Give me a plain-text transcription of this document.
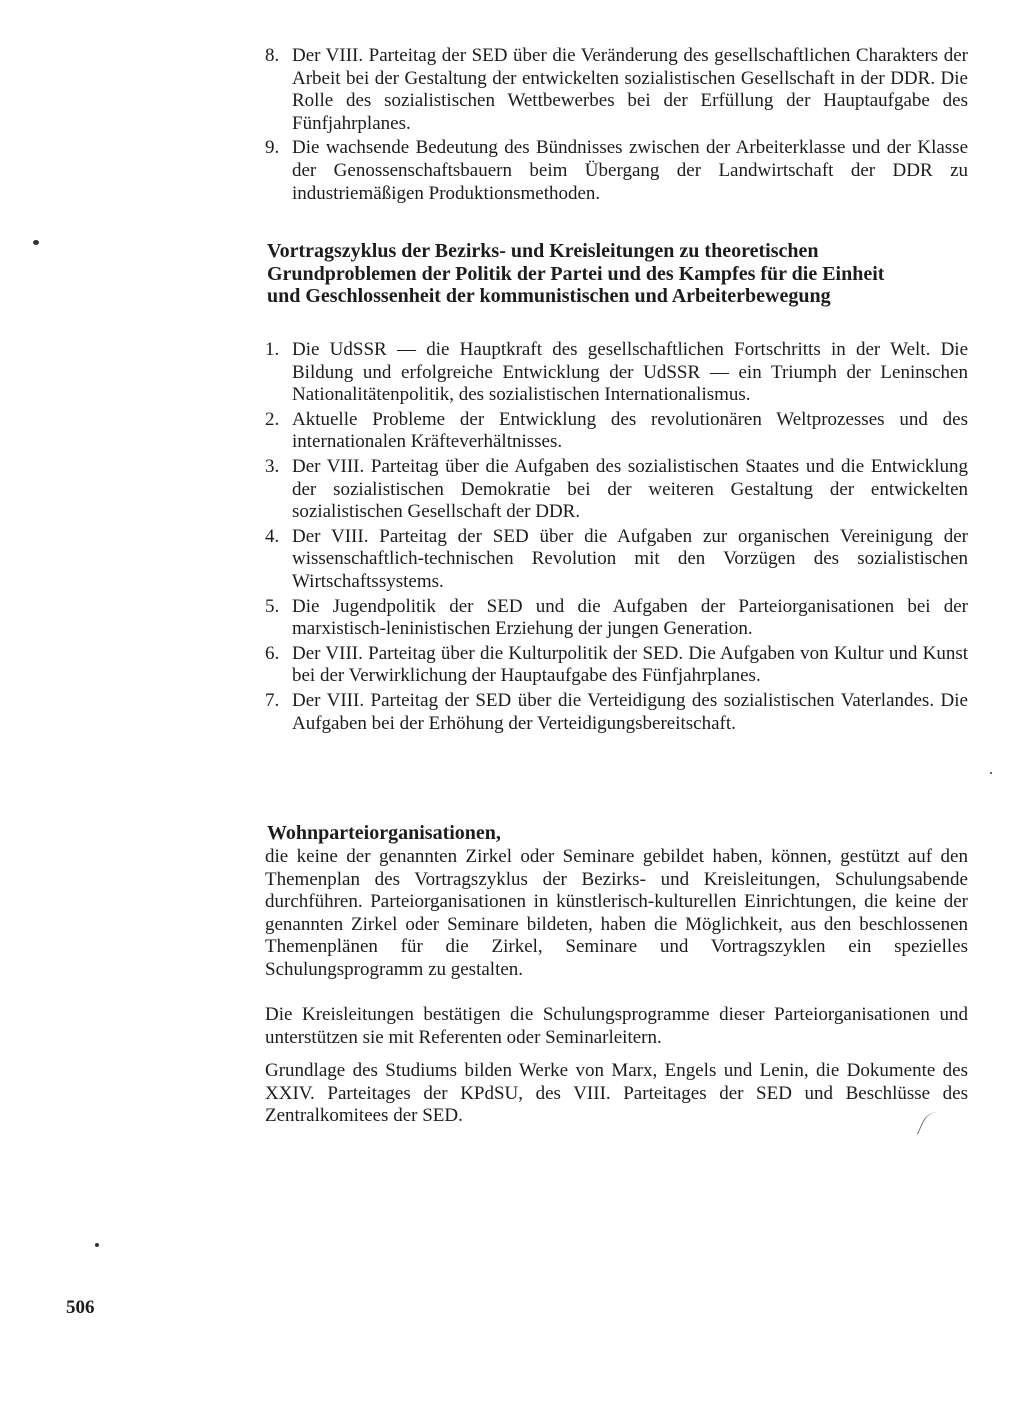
8. Der VIII. Parteitag der SED über die Veränderung des gesellschaftlichen Charakters der Arbeit bei der Gestaltung der entwickelten sozialistischen Gesellschaft in der DDR. Die Rolle des sozialistischen Wettbewerbes bei der Erfüllung der Hauptaufgabe des Fünfjahrplanes.
9. Die wachsende Bedeutung des Bündnisses zwischen der Arbeiterklasse und der Klasse der Genossenschaftsbauern beim Übergang der Landwirtschaft der DDR zu industriemäßigen Produktionsmethoden.
Vortragszyklus der Bezirks- und Kreisleitungen zu theoretischen Grundproblemen der Politik der Partei und des Kampfes für die Einheit und Geschlossenheit der kommunistischen und Arbeiterbewegung
1. Die UdSSR — die Hauptkraft des gesellschaftlichen Fortschritts in der Welt. Die Bildung und erfolgreiche Entwicklung der UdSSR — ein Triumph der Leninschen Nationalitätenpolitik, des sozialistischen Internationalismus.
2. Aktuelle Probleme der Entwicklung des revolutionären Weltprozesses und des internationalen Kräfteverhältnisses.
3. Der VIII. Parteitag über die Aufgaben des sozialistischen Staates und die Entwicklung der sozialistischen Demokratie bei der weiteren Gestaltung der entwickelten sozialistischen Gesellschaft der DDR.
4. Der VIII. Parteitag der SED über die Aufgaben zur organischen Vereinigung der wissenschaftlich-technischen Revolution mit den Vorzügen des sozialistischen Wirtschaftssystems.
5. Die Jugendpolitik der SED und die Aufgaben der Parteiorganisationen bei der marxistisch-leninistischen Erziehung der jungen Generation.
6. Der VIII. Parteitag über die Kulturpolitik der SED. Die Aufgaben von Kultur und Kunst bei der Verwirklichung der Hauptaufgabe des Fünfjahrplanes.
7. Der VIII. Parteitag der SED über die Verteidigung des sozialistischen Vaterlandes. Die Aufgaben bei der Erhöhung der Verteidigungsbereitschaft.
Wohnparteiorganisationen,

die keine der genannten Zirkel oder Seminare gebildet haben, können, gestützt auf den Themenplan des Vortragszyklus der Bezirks- und Kreisleitungen, Schulungsabende durchführen. Parteiorganisationen in künstlerisch-kulturellen Einrichtungen, die keine der genannten Zirkel oder Seminare bildeten, haben die Möglichkeit, aus den beschlossenen Themenplänen für die Zirkel, Seminare und Vortragszyklen ein spezielles Schulungsprogramm zu gestalten.

Die Kreisleitungen bestätigen die Schulungsprogramme dieser Parteiorganisationen und unterstützen sie mit Referenten oder Seminarleitern.

Grundlage des Studiums bilden Werke von Marx, Engels und Lenin, die Dokumente des XXIV. Parteitages der KPdSU, des VIII. Parteitages der SED und Beschlüsse des Zentralkomitees der SED.

506
